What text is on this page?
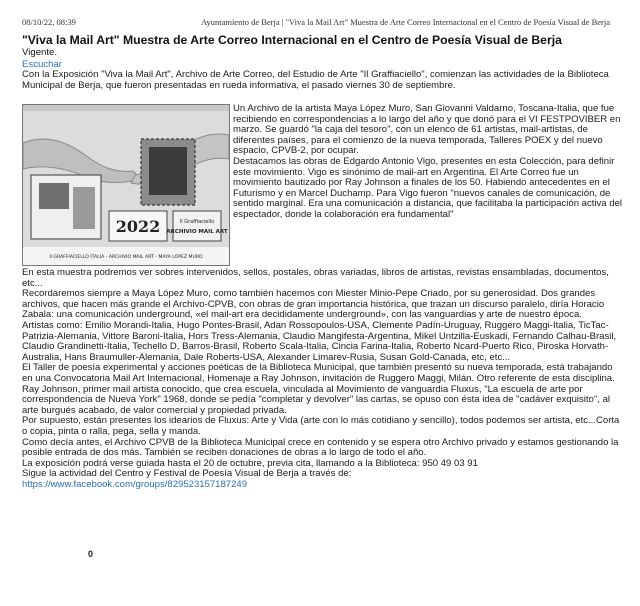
08/10/22, 08:39	Ayuntamiento de Berja | "Viva la Mail Art" Muestra de Arte Correo Internacional en el Centro de Poesía Visual de Berja
"Viva la Mail Art" Muestra de Arte Correo Internacional en el Centro de Poesía Visual de Berja
Vigente.
Escuchar
Con la Exposición "Viva la Mail Art", Archivo de Arte Correo, del Estudio de Arte "Il Graffiaciello", comienzan las actividades de la Biblioteca Municipal de Berja, que fueron presentadas en rueda informativa, el pasado viernes 30 de septiembre.
2022	Il Graffiaciello
ARCHIVIO MAIL ART
Il GRAFFIACIELLO ITALIA - ARCHIVIO MAIL ART - MAYA LOPEZ MURO

Un Archivo de la artista Maya López Muro, San Giovanni Valdarno, Toscana-Italia, que fue recibiendo en correspondencias a lo largo del año y que donó para el VI FESTPOVIBER en marzo. Se guardó "la caja del tesoro", con un elenco de 61 artistas, mail-artistas, de diferentes países, para el comienzo de la nueva temporada, Talleres POEX y del nuevo espacio, CPVB-2, por ocupar.

Destacamos las obras de Edgardo Antonio Vigo, presentes en esta Colección, para definir este movimiento. Vigo es sinónimo de mail-art en Argentina. El Arte Correo fue un movimiento bautizado por Ray Johnson a finales de los 50. Habiendo antecedentes en el Futurismo y en Marcel Duchamp. Para Vigo fueron "nuevos canales de comunicación, de sentido marginal. Era una comunicación a distancia, que facilitaba la participación activa del espectador, donde la colaboración era fundamental"

En esta muestra podremos ver sobres intervenidos, sellos, postales, obras variadas, libros de artistas, revistas ensambladas, documentos, etc...

Recordaremos siempre a Maya López Muro, como también hacemos con Miester Minio-Pepe Criado, por su generosidad. Dos grandes archivos, que hacen más grande el Archivo-CPVB, con obras de gran importancia histórica, que trazan un discurso paralelo, diría Horacio Zabala: una comunicación underground, «el mail-art era decididamente underground», con las vanguardias y arte de nuestro época.

Artistas como: Emilio Morandi-Italia, Hugo Pontes-Brasil, Adan Rossopoulos-USA, Clemente Padín-Uruguay, Ruggero Maggi-Italia, TicTac-Patrizia-Alemania, Vittore Baroni-Italia, Hors Tress-Alemania, Claudio Mangifesta-Argentina, Mikel Untzilla-Euskadi, Fernando Calhau-Brasil, Claudio Grandinetti-Italia, Techello D, Barros-Brasil, Roberto Scala-Italia, Cincia Farina-Italia, Roberto Ncard-Puerto Rico, Piroska Horvath-Australia, Hans Braumuller-Alemania, Dale Roberts-USA, Alexander Limarev-Rusia, Susan Gold-Canada, etc, etc...

El Taller de poesía experimental y acciones poéticas de la Biblioteca Municipal, que también presentó su nueva temporada, está trabajando en una Convocatoria Mail Art Internacional, Homenaje a Ray Johnson, invitación de Ruggero Maggi, Milán. Otro referente de esta disciplina.

Ray Johnson, primer mail artista conocido, que crea escuela, vinculada al Movimiento de vanguardia Fluxus, "La escuela de arte por correspondencia de Nueva York" 1968, donde se pedía "completar y devolver" las cartas, se opuso con ésta idea de "cadáver exquisito", al arte burgués acabado, de valor comercial y propiedad privada.

Por supuesto, están presentes los idearios de Fluxus: Arte y Vida (arte con lo más cotidiano y sencillo), todos podemos ser artista, etc...Corta o copia, pinta o ralla, pega, sella y manda.

Como decía antes, el Archivo CPVB de la Biblioteca Municipal crece en contenido y se espera otro Archivo privado y estamos gestionando la posible entrada de dos más. También se reciben donaciones de obras a lo largo de todo el año.

La exposición podrá verse guiada hasta el 20 de octubre, previa cita, llamando a la Biblioteca: 950 49 03 91

Sigue la actividad del Centro y Festival de Poesía Visual de Berja a través de:

https://www.facebook.com/groups/829523157187249

0
